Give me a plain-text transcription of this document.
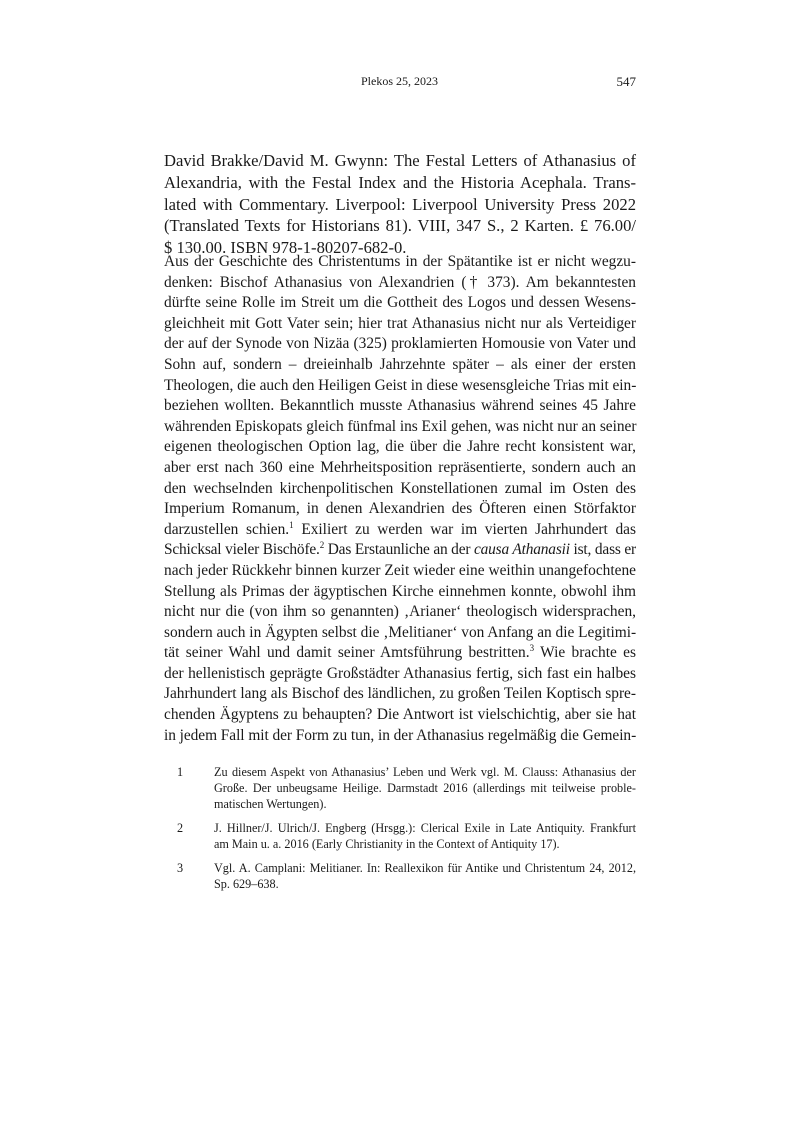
Plekos 25, 2023	547
David Brakke/David M. Gwynn: The Festal Letters of Athanasius of
Alexandria, with the Festal Index and the Historia Acephala. Trans-
lated with Commentary. Liverpool: Liverpool University Press 2022
(Translated Texts for Historians 81). VIII, 347 S., 2 Karten. £ 76.00/
$ 130.00. ISBN 978-1-80207-682-0.
Aus der Geschichte des Christentums in der Spätantike ist er nicht wegzu-
denken: Bischof Athanasius von Alexandrien († 373). Am bekanntesten
dürfte seine Rolle im Streit um die Gottheit des Logos und dessen Wesens-
gleichheit mit Gott Vater sein; hier trat Athanasius nicht nur als Verteidiger
der auf der Synode von Nizäa (325) proklamierten Homousie von Vater und
Sohn auf, sondern – dreieinhalb Jahrzehnte später – als einer der ersten
Theologen, die auch den Heiligen Geist in diese wesensgleiche Trias mit ein-
beziehen wollten. Bekanntlich musste Athanasius während seines 45 Jahre
währenden Episkopats gleich fünfmal ins Exil gehen, was nicht nur an seiner
eigenen theologischen Option lag, die über die Jahre recht konsistent war,
aber erst nach 360 eine Mehrheitsposition repräsentierte, sondern auch an
den wechselnden kirchenpolitischen Konstellationen zumal im Osten des
Imperium Romanum, in denen Alexandrien des Öfteren einen Störfaktor
darzustellen schien.$^1$ Exiliert zu werden war im vierten Jahrhundert das
Schicksal vieler Bischöfe.$^2$ Das Erstaunliche an der causa Athanasii ist, dass er
nach jeder Rückkehr binnen kurzer Zeit wieder eine weithin unangefochtene
Stellung als Primas der ägyptischen Kirche einnehmen konnte, obwohl ihm
nicht nur die (von ihm so genannten) ‚Arianer‘ theologisch widersprachen,
sondern auch in Ägypten selbst die ‚Melitianer‘ von Anfang an die Legitimi-
tät seiner Wahl und damit seiner Amtsführung bestritten.$^3$ Wie brachte es
der hellenistisch geprägte Großstädter Athanasius fertig, sich fast ein halbes
Jahrhundert lang als Bischof des ländlichen, zu großen Teilen Koptisch spre-
chenden Ägyptens zu behaupten? Die Antwort ist vielschichtig, aber sie hat
in jedem Fall mit der Form zu tun, in der Athanasius regelmäßig die Gemein-
1	Zu diesem Aspekt von Athanasius’ Leben und Werk vgl. M. Clauss: Athanasius der
Große. Der unbeugsame Heilige. Darmstadt 2016 (allerdings mit teilweise proble-
matischen Wertungen).
2	J. Hillner/J. Ulrich/J. Engberg (Hrsgg.): Clerical Exile in Late Antiquity. Frankfurt
am Main u. a. 2016 (Early Christianity in the Context of Antiquity 17).
3	Vgl. A. Camplani: Melitianer. In: Reallexikon für Antike und Christentum 24, 2012,
Sp. 629–638.
